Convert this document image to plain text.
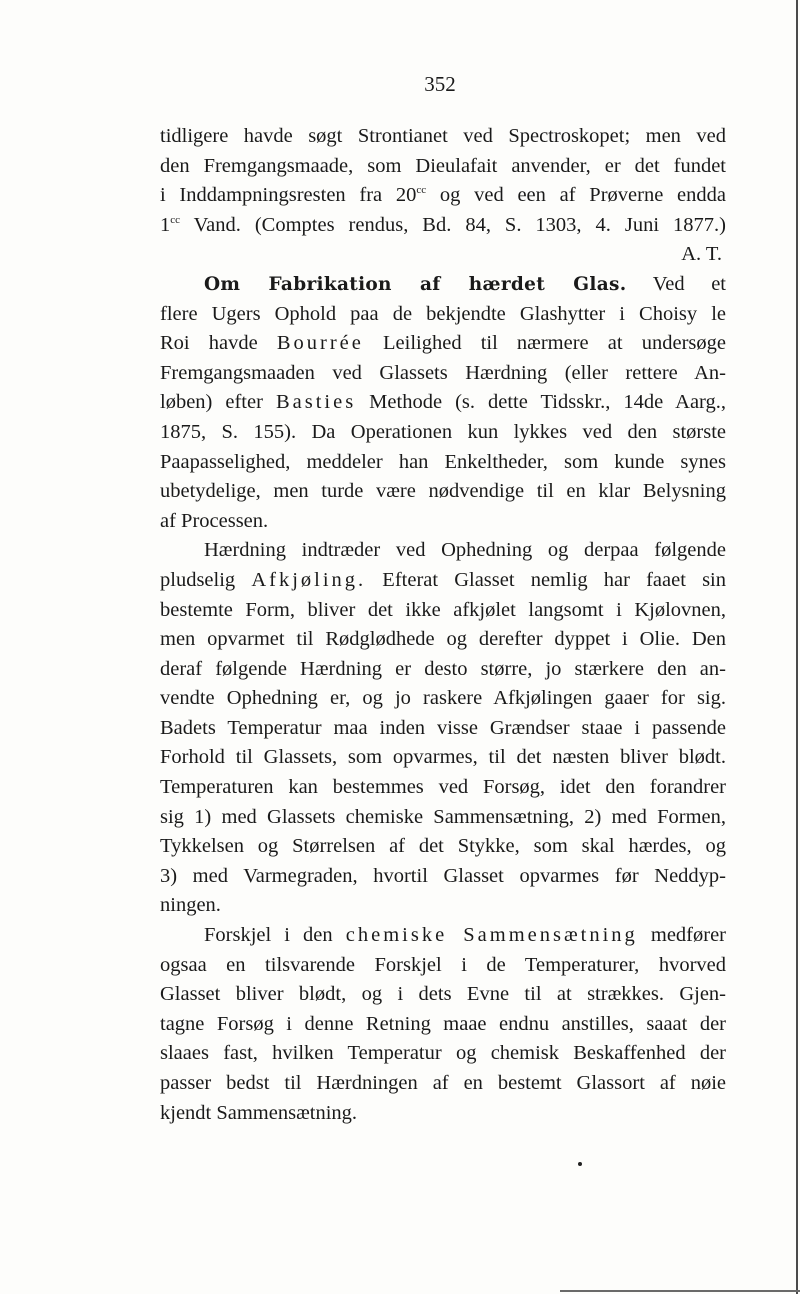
352
tidligere havde søgt Strontianet ved Spectroskopet; men ved
den Fremgangsmaade, som Dieulafait anvender, er det fundet
i Inddampningsresten fra $20^{cc}$ og ved een af Prøverne endda
$1^{cc}$ Vand. (Comptes rendus, Bd. 84, S. 1303, 4. Juni 1877.)
A. T.
Om Fabrikation af hærdet Glas. Ved et
flere Ugers Ophold paa de bekjendte Glashytter i Choisy le
Roi havde Bourrée Leilighed til nærmere at undersøge
Fremgangsmaaden ved Glassets Hærdning (eller rettere An-
løben) efter Basties Methode (s. dette Tidsskr., 14de Aarg.,
1875, S. 155). Da Operationen kun lykkes ved den største
Paapasselighed, meddeler han Enkeltheder, som kunde synes
ubetydelige, men turde være nødvendige til en klar Belysning
af Processen.
Hærdning indtræder ved Ophedning og derpaa følgende
pludselig Afkjøling. Efterat Glasset nemlig har faaet sin
bestemte Form, bliver det ikke afkjølet langsomt i Kjølovnen,
men opvarmet til Rødglødhede og derefter dyppet i Olie. Den
deraf følgende Hærdning er desto større, jo stærkere den an-
vendte Ophedning er, og jo raskere Afkjølingen gaaer for sig.
Badets Temperatur maa inden visse Grændser staae i passende
Forhold til Glassets, som opvarmes, til det næsten bliver blødt.
Temperaturen kan bestemmes ved Forsøg, idet den forandrer
sig 1) med Glassets chemiske Sammensætning, 2) med Formen,
Tykkelsen og Størrelsen af det Stykke, som skal hærdes, og
3) med Varmegraden, hvortil Glasset opvarmes før Neddyp-
ningen.
Forskjel i den chemiske Sammensætning medfører
ogsaa en tilsvarende Forskjel i de Temperaturer, hvorved
Glasset bliver blødt, og i dets Evne til at strækkes. Gjen-
tagne Forsøg i denne Retning maae endnu anstilles, saaat der
slaaes fast, hvilken Temperatur og chemisk Beskaffenhed der
passer bedst til Hærdningen af en bestemt Glassort af nøie
kjendt Sammensætning.
